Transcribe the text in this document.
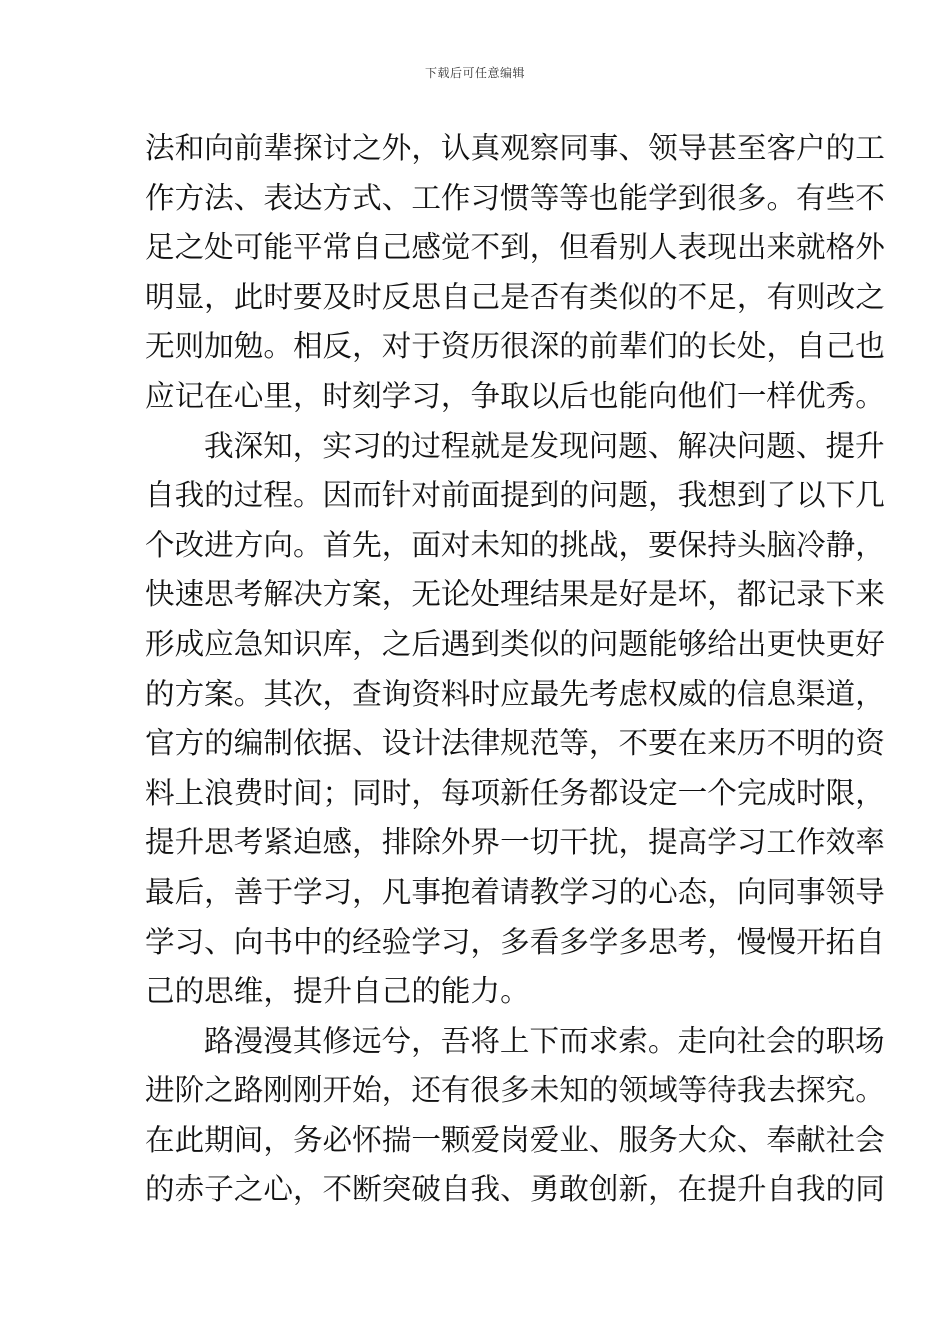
下载后可任意编辑
法和向前辈探讨之外，认真观察同事、领导甚至客户的工
作方法、表达方式、工作习惯等等也能学到很多。有些不
足之处可能平常自己感觉不到，但看别人表现出来就格外
明显，此时要及时反思自己是否有类似的不足，有则改之
无则加勉。相反，对于资历很深的前辈们的长处，自己也
应记在心里，时刻学习，争取以后也能向他们一样优秀。
我深知，实习的过程就是发现问题、解决问题、提升
自我的过程。因而针对前面提到的问题，我想到了以下几
个改进方向。首先，面对未知的挑战，要保持头脑冷静，
快速思考解决方案，无论处理结果是好是坏，都记录下来
形成应急知识库，之后遇到类似的问题能够给出更快更好
的方案。其次，查询资料时应最先考虑权威的信息渠道，
官方的编制依据、设计法律规范等，不要在来历不明的资
料上浪费时间；同时，每项新任务都设定一个完成时限，
提升思考紧迫感，排除外界一切干扰，提高学习工作效率
最后，善于学习，凡事抱着请教学习的心态，向同事领导
学习、向书中的经验学习，多看多学多思考，慢慢开拓自
己的思维，提升自己的能力。
路漫漫其修远兮，吾将上下而求索。走向社会的职场
进阶之路刚刚开始，还有很多未知的领域等待我去探究。
在此期间，务必怀揣一颗爱岗爱业、服务大众、奉献社会
的赤子之心，不断突破自我、勇敢创新，在提升自我的同
